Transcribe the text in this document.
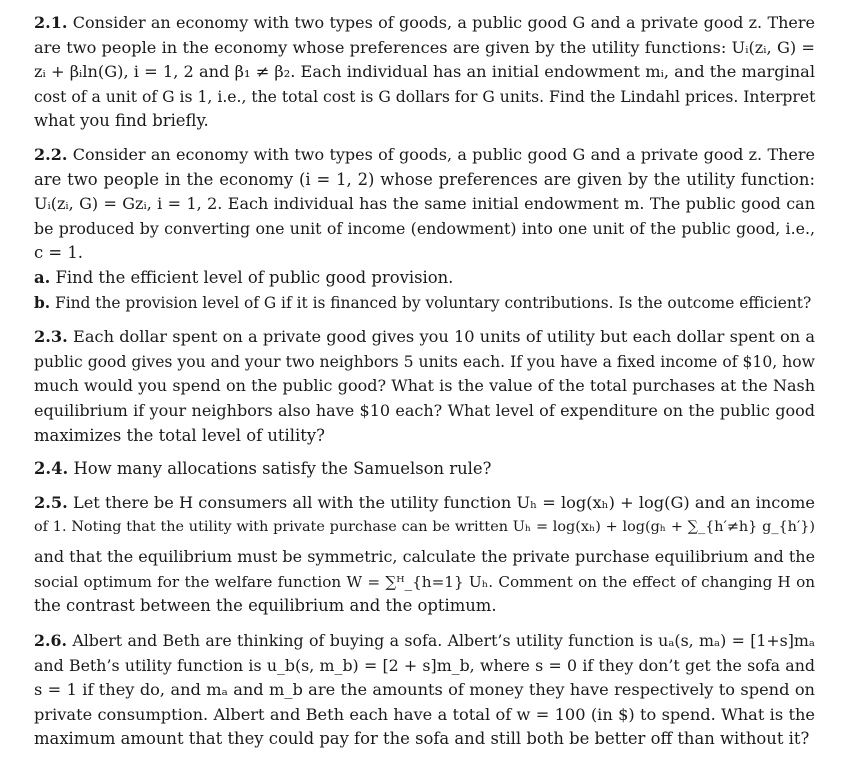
2.1. Consider an economy with two types of goods, a public good G and a private good z. There
are two people in the economy whose preferences are given by the utility functions: Uᵢ(zᵢ, G) =
zᵢ + βᵢln(G), i = 1, 2 and β₁ ≠ β₂. Each individual has an initial endowment mᵢ, and the marginal
cost of a unit of G is 1, i.e., the total cost is G dollars for G units. Find the Lindahl prices. Interpret
what you find briefly.
2.2. Consider an economy with two types of goods, a public good G and a private good z. There
are two people in the economy (i = 1, 2) whose preferences are given by the utility function:
Uᵢ(zᵢ, G) = Gzᵢ, i = 1, 2. Each individual has the same initial endowment m. The public good can
be produced by converting one unit of income (endowment) into one unit of the public good, i.e.,
c = 1.
a. Find the efficient level of public good provision.
b. Find the provision level of G if it is financed by voluntary contributions. Is the outcome efficient?
2.3. Each dollar spent on a private good gives you 10 units of utility but each dollar spent on a
public good gives you and your two neighbors 5 units each. If you have a fixed income of $10, how
much would you spend on the public good? What is the value of the total purchases at the Nash
equilibrium if your neighbors also have $10 each? What level of expenditure on the public good
maximizes the total level of utility?
2.4. How many allocations satisfy the Samuelson rule?
2.5. Let there be H consumers all with the utility function Uₕ = log(xₕ) + log(G) and an income
of 1. Noting that the utility with private purchase can be written Uₕ = log(xₕ) + log(gₕ + ∑_{h′≠h} g_{h′})
and that the equilibrium must be symmetric, calculate the private purchase equilibrium and the
social optimum for the welfare function W = ∑ᴴ_{h=1} Uₕ. Comment on the effect of changing H on
the contrast between the equilibrium and the optimum.
2.6. Albert and Beth are thinking of buying a sofa. Albert’s utility function is uₐ(s, mₐ) = [1+s]mₐ
and Beth’s utility function is u_b(s, m_b) = [2 + s]m_b, where s = 0 if they don’t get the sofa and
s = 1 if they do, and mₐ and m_b are the amounts of money they have respectively to spend on
private consumption. Albert and Beth each have a total of w = 100 (in $) to spend. What is the
maximum amount that they could pay for the sofa and still both be better off than without it?
